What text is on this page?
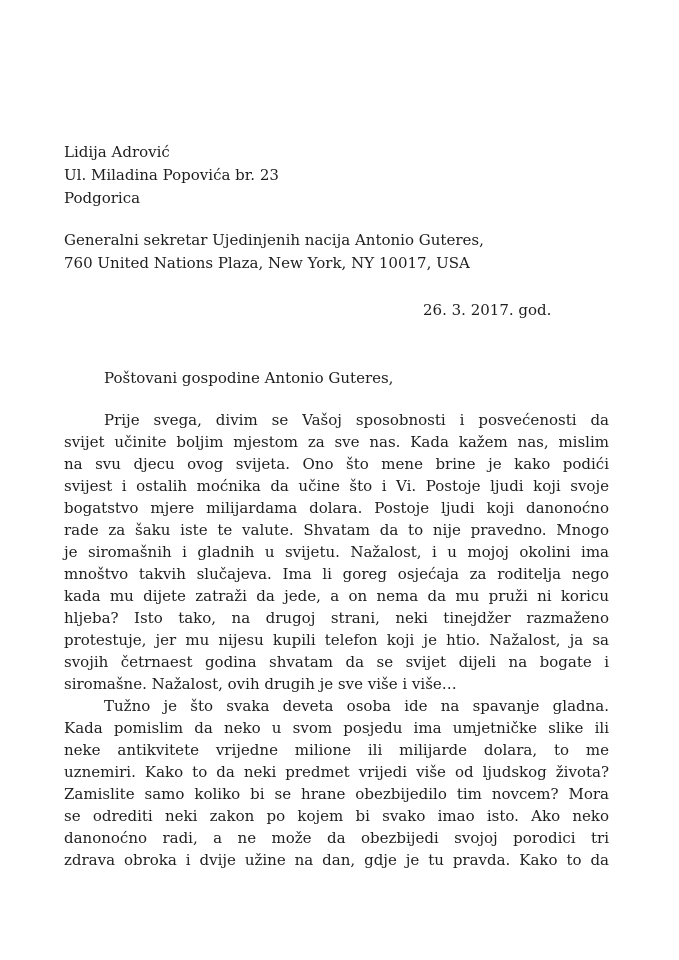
Lidija Adrović
Ul. Miladina Popovića br. 23
Podgorica
Generalni sekretar Ujedinjenih nacija Antonio Guteres,
760 United Nations Plaza, New York, NY 10017, USA
26. 3. 2017. god.
Poštovani gospodine Antonio Guteres,
Prije svega, divim se Vašoj sposobnosti i posvećenosti da
svijet učinite boljim mjestom za sve nas. Kada kažem nas, mislim
na svu djecu ovog svijeta. Ono što mene brine je kako podići
svijest i ostalih moćnika da učine što i Vi. Postoje ljudi koji svoje
bogatstvo mjere milijardama dolara. Postoje ljudi koji danonoćno
rade za šaku iste te valute. Shvatam da to nije pravedno. Mnogo
je siromašnih i gladnih u svijetu. Nažalost, i u mojoj okolini ima
mnoštvo takvih slučajeva. Ima li goreg osjećaja za roditelja nego
kada mu dijete zatraži da jede, a on nema da mu pruži ni koricu
hljeba? Isto tako, na drugoj strani, neki tinejdžer razmaženo
protestuje, jer mu nijesu kupili telefon koji je htio. Nažalost, ja sa
svojih četrnaest godina shvatam da se svijet dijeli na bogate i
siromašne. Nažalost, ovih drugih je sve više i više…
Tužno je što svaka deveta osoba ide na spavanje gladna.
Kada pomislim da neko u svom posjedu ima umjetničke slike ili
neke antikvitete vrijedne milione ili milijarde dolara, to me
uznemiri. Kako to da neki predmet vrijedi više od ljudskog života?
Zamislite samo koliko bi se hrane obezbijedilo tim novcem? Mora
se odrediti neki zakon po kojem bi svako imao isto. Ako neko
danonoćno radi, a ne može da obezbijedi svojoj porodici tri
zdrava obroka i dvije užine na dan, gdje je tu pravda. Kako to da
